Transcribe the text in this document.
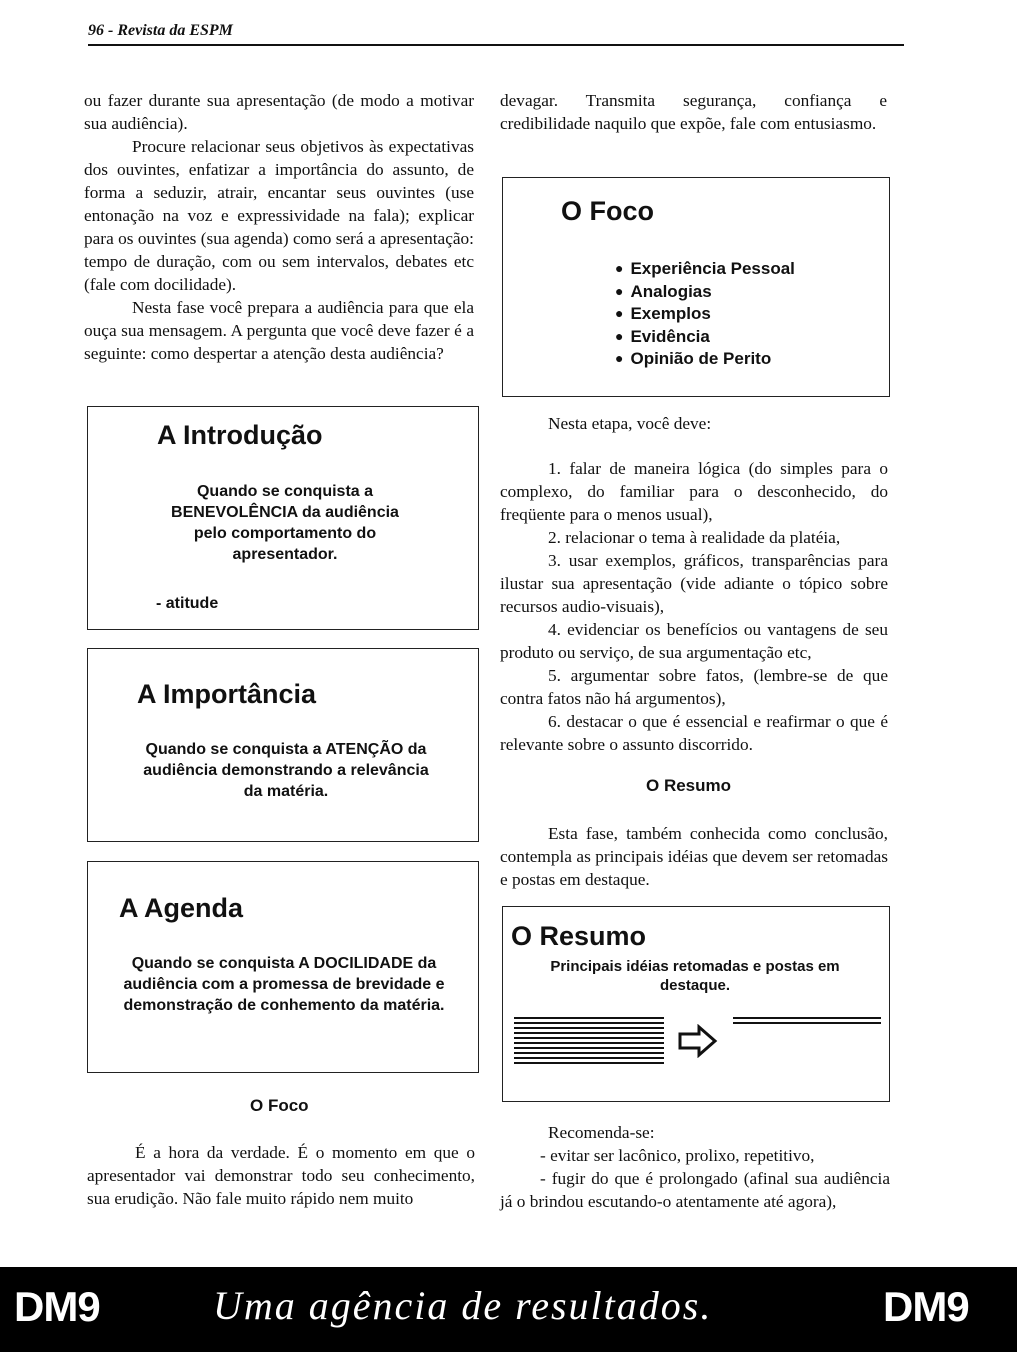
96 - Revista da ESPM

ou fazer durante sua apresentação (de modo a motivar sua audiência).

Procure relacionar seus objetivos às expectativas dos ouvintes, enfatizar a importância do assunto, de forma a seduzir, atrair, encantar seus ouvintes (use entonação na voz e expressividade na fala); explicar para os ouvintes (sua agenda) como será a apresentação: tempo de duração, com ou sem intervalos, debates etc (fale com docilidade).

Nesta fase você prepara a audiência para que ela ouça sua mensagem. A pergunta que você deve fazer é a seguinte: como despertar a atenção desta audiência?

A Introdução
Quando se conquista a BENEVOLÊNCIA da audiência pelo comportamento do apresentador.
- atitude
A Importância
Quando se conquista a ATENÇÃO da audiência demonstrando a relevância da matéria.
A Agenda
Quando se conquista A DOCILIDADE da audiência com a promessa de brevidade e demonstração de conhemento da matéria.
O Foco

É a hora da verdade. É o momento em que o apresentador vai demonstrar todo seu conhecimento, sua erudição. Não fale muito rápido nem muito

devagar. Transmita segurança, confiança e credibilidade naquilo que expõe, fale com entusiasmo.

O Foco
● Experiência Pessoal
● Analogias
● Exemplos
● Evidência
● Opinião de Perito

Nesta etapa, você deve:

1. falar de maneira lógica (do simples para o complexo, do familiar para o desconhecido, do freqüente para o menos usual),

2. relacionar o tema à realidade da platéia,

3. usar exemplos, gráficos, transparências para ilustar sua apresentação (vide adiante o tópico sobre recursos audio-visuais),

4. evidenciar os benefícios ou vantagens de seu produto ou serviço, de sua argumentação etc,

5. argumentar sobre fatos, (lembre-se de que contra fatos não há argumentos),

6. destacar o que é essencial e reafirmar o que é relevante sobre o assunto discorrido.

O Resumo

Esta fase, também conhecida como conclusão, contempla as principais idéias que devem ser retomadas e postas em destaque.

O Resumo
Principais idéias retomadas e postas em destaque.

Recomenda-se:

- evitar ser lacônico, prolixo, repetitivo,

- fugir do que é prolongado (afinal sua audiência já o brindou escutando-o atentamente até agora),

DM9	Uma agência de resultados.	DM9
